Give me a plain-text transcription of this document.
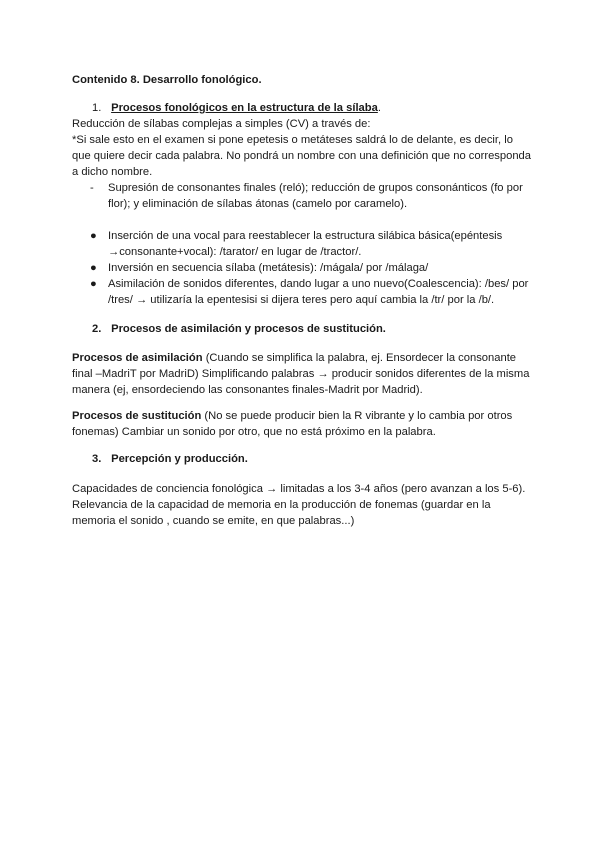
Contenido 8. Desarrollo fonológico.
1. Procesos fonológicos en la estructura de la sílaba.
Reducción de sílabas complejas a simples (CV) a través de:
*Si sale esto en el examen si pone epetesis o metáteses saldrá lo de delante, es decir, lo que quiere decir cada palabra. No pondrá un nombre con una definición que no corresponda a dicho nombre.
- Supresión de consonantes finales (reló); reducción de grupos consonánticos (fo por flor); y eliminación de sílabas átonas (camelo por caramelo).
● Inserción de una vocal para reestablecer la estructura silábica básica(epéntesis →consonante+vocal): /tarator/ en lugar de /tractor/.
● Inversión en secuencia sílaba (metátesis): /mágala/ por /málaga/
● Asimilación de sonidos diferentes, dando lugar a uno nuevo(Coalescencia): /bes/ por /tres/ → utilizaría la epentesisi si dijera teres pero aquí cambia la /tr/ por la /b/.
2. Procesos de asimilación y procesos de sustitución.
Procesos de asimilación (Cuando se simplifica la palabra, ej. Ensordecer la consonante final –MadriT por MadriD) Simplificando palabras → producir sonidos diferentes de la misma manera (ej, ensordeciendo las consonantes finales-Madrit por Madrid).
Procesos de sustitución (No se puede producir bien la R vibrante y lo cambia por otros fonemas) Cambiar un sonido por otro, que no está próximo en la palabra.
3. Percepción y producción.
Capacidades de conciencia fonológica → limitadas a los 3-4 años (pero avanzan a los 5-6). Relevancia de la capacidad de memoria en la producción de fonemas (guardar en la memoria el sonido , cuando se emite, en que palabras...)
